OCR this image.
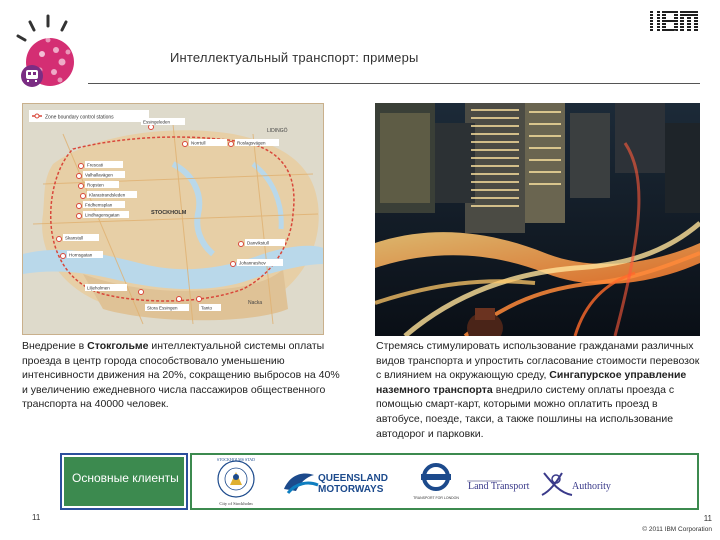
IBM
Интеллектуальный транспорт: примеры
Zone boundary control stations
LIDINGÖ
STOCKHOLM
Nacka
Essingeleden
Norrtull	Roslagsvägen
Frescati
Valhallavägen
Ropsten
Klarastrandsleden
Fridhemsplan
Lindhagensgatan
Skanstull
Danvikstull
Hornsgatan
Liljeholmen
Stora Essingen	Tanto
Johanneshov
Внедрение в Стокгольме интеллектуальной системы оплаты проезда в центр города способствовало уменьшению интенсивности движения на 20%, сокращению выбросов на 40% и увеличению ежедневного числа пассажиров общественного транспорта на 40000 человек.
Стремясь стимулировать использование гражданами различных видов транспорта и упростить согласование стоимости перевозок с влиянием на окружающую среду, Сингапурское управление наземного транспорта внедрило систему оплаты проезда с помощью смарт-карт, которыми можно оплатить проезд в автобусе, поезде, такси, а также пошлины на использование автодорог и парковки.
Основные клиенты
STOCKHOLMS STAD
City of Stockholm
QUEENSLAND
MOTORWAYS
TRANSPORT FOR LONDON
Land Transport	Authority
11	11
© 2011 IBM Corporation
